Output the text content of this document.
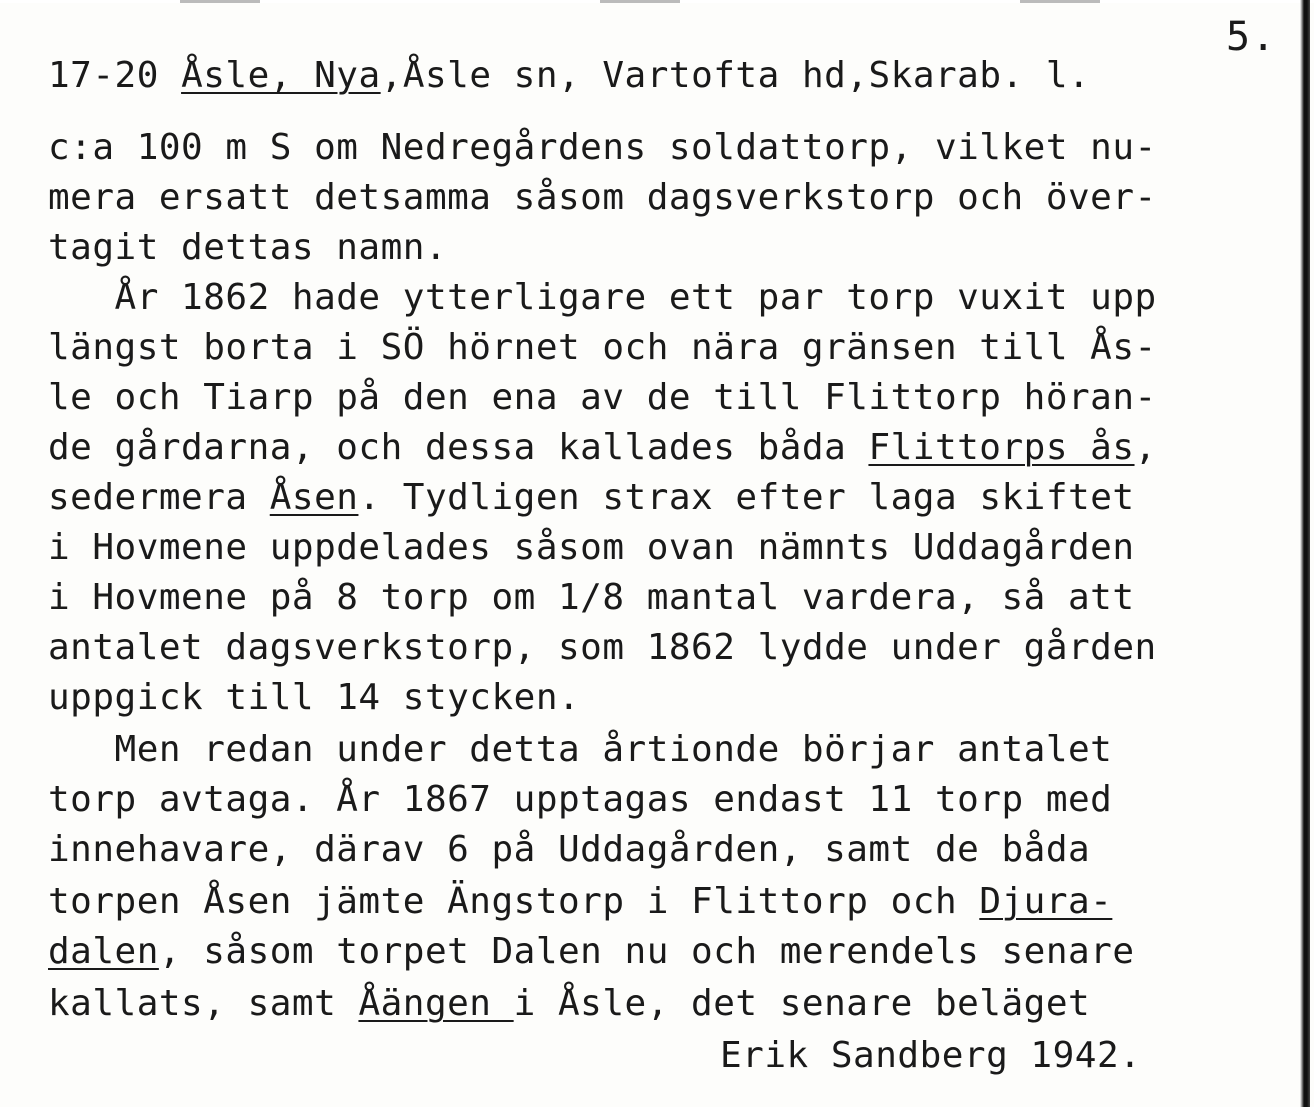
5.
17-20 Åsle, Nya,Åsle sn, Vartofta hd,Skarab. l.
c:a 100 m S om Nedregårdens soldattorp, vilket nu-
mera ersatt detsamma såsom dagsverkstorp och över-
tagit dettas namn.
År 1862 hade ytterligare ett par torp vuxit upp
längst borta i SÖ hörnet och nära gränsen till Ås-
le och Tiarp på den ena av de till Flittorp höran-
de gårdarna, och dessa kallades båda Flittorps ås,
sedermera Åsen. Tydligen strax efter laga skiftet
i Hovmene uppdelades såsom ovan nämnts Uddagården
i Hovmene på 8 torp om 1/8 mantal vardera, så att
antalet dagsverkstorp, som 1862 lydde under gården
uppgick till 14 stycken.
Men redan under detta årtionde börjar antalet
torp avtaga. År 1867 upptagas endast 11 torp med
innehavare, därav 6 på Uddagården, samt de båda
torpen Åsen jämte Ängstorp i Flittorp och Djura-
dalen, såsom torpet Dalen nu och merendels senare
kallats, samt Åängen i Åsle, det senare beläget
Erik Sandberg 1942.
